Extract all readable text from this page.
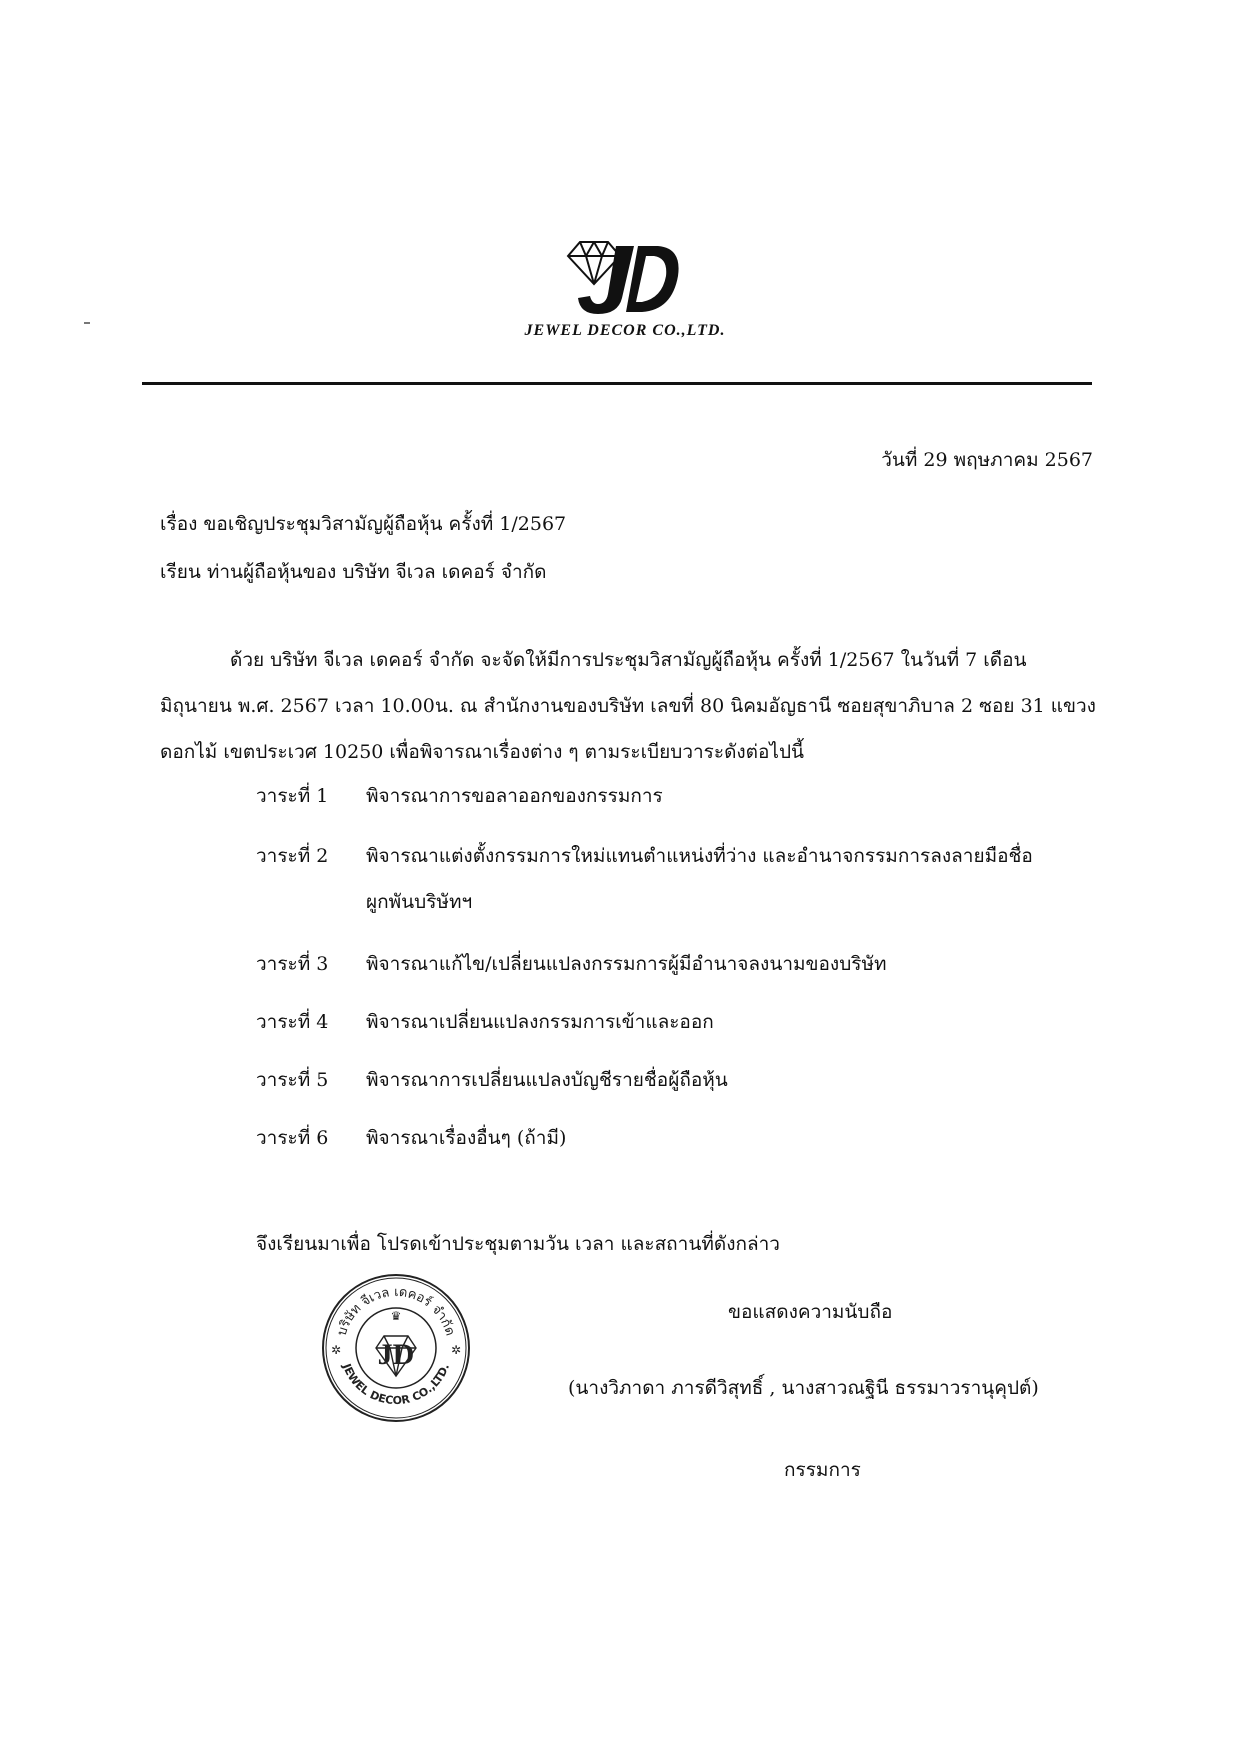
JEWEL DECOR CO.,LTD.
วันที่ 29 พฤษภาคม 2567
เรื่อง ขอเชิญประชุมวิสามัญผู้ถือหุ้น ครั้งที่ 1/2567
เรียน ท่านผู้ถือหุ้นของ บริษัท จีเวล เดคอร์ จำกัด
ด้วย บริษัท จีเวล เดคอร์ จำกัด จะจัดให้มีการประชุมวิสามัญผู้ถือหุ้น ครั้งที่ 1/2567 ในวันที่ 7 เดือน
มิถุนายน พ.ศ. 2567 เวลา 10.00น. ณ สำนักงานของบริษัท เลขที่ 80 นิคมอัญธานี ซอยสุขาภิบาล 2 ซอย 31 แขวง
ดอกไม้ เขตประเวศ 10250 เพื่อพิจารณาเรื่องต่าง ๆ ตามระเบียบวาระดังต่อไปนี้
วาระที่ 1 พิจารณาการขอลาออกของกรรมการ
วาระที่ 2 พิจารณาแต่งตั้งกรรมการใหม่แทนตำแหน่งที่ว่าง และอำนาจกรรมการลงลายมือชื่อ
ผูกพันบริษัทฯ
วาระที่ 3 พิจารณาแก้ไข/เปลี่ยนแปลงกรรมการผู้มีอำนาจลงนามของบริษัท
วาระที่ 4 พิจารณาเปลี่ยนแปลงกรรมการเข้าและออก
วาระที่ 5 พิจารณาการเปลี่ยนแปลงบัญชีรายชื่อผู้ถือหุ้น
วาระที่ 6 พิจารณาเรื่องอื่นๆ (ถ้ามี)
จึงเรียนมาเพื่อ โปรดเข้าประชุมตามวัน เวลา และสถานที่ดังกล่าว
ขอแสดงความนับถือ
(นางวิภาดา ภารดีวิสุทธิ์ , นางสาวณฐินี ธรรมาวรานุคุปต์)
กรรมการ
บริษัท จีเวล เดคอร์ จำกัด
JEWEL DECOR CO.,LTD.
JD
♛
✲	✲
